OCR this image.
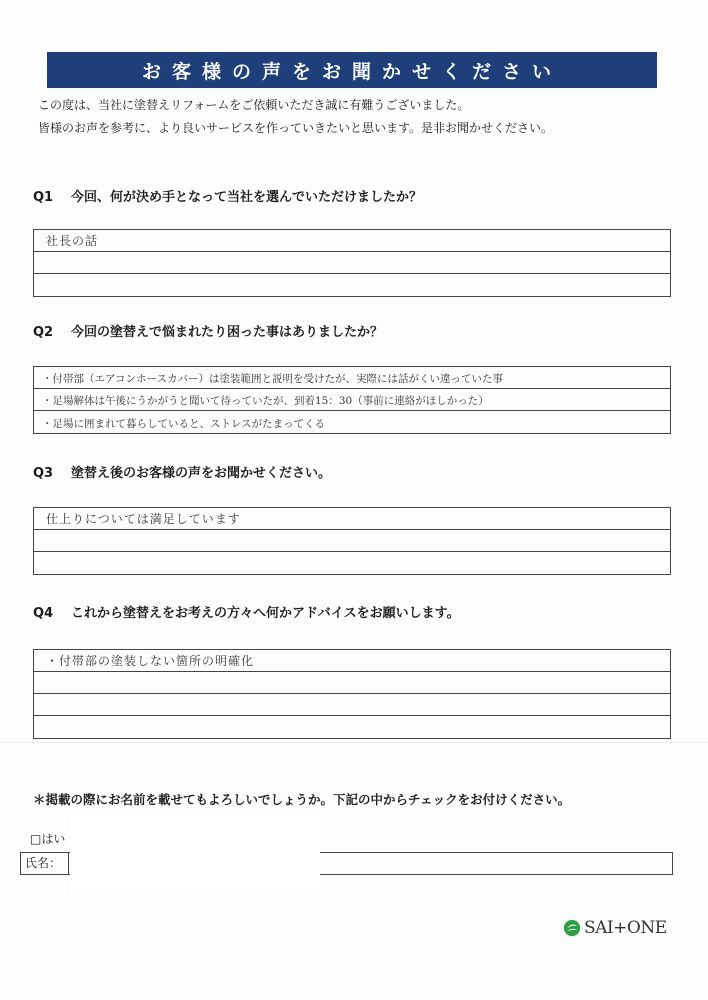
お客様の声をお聞かせください
この度は、当社に塗替えリフォームをご依頼いただき誠に有難うございました。
皆様のお声を参考に、より良いサービスを作っていきたいと思います。是非お聞かせください。
Q1 今回、何が決め手となって当社を選んでいただけましたか？
社長の話
Q2 今回の塗替えで悩まれたり困った事はありましたか？
・付帯部（エアコンホースカバー）は塗装範囲と説明を受けたが、実際には話がくい違っていた事
・足場解体は午後にうかがうと聞いて待っていたが、到着15：30（事前に連絡がほしかった）
・足場に囲まれて暮らしていると、ストレスがたまってくる
Q3 塗替え後のお客様の声をお聞かせください。
仕上りについては満足しています
Q4 これから塗替えをお考えの方々へ何かアドバイスをお願いします。
・付帯部の塗装しない箇所の明確化
＊掲載の際にお名前を載せてもよろしいでしょうか。下記の中からチェックをお付けください。
□はい
氏名：
SAI+ONE
